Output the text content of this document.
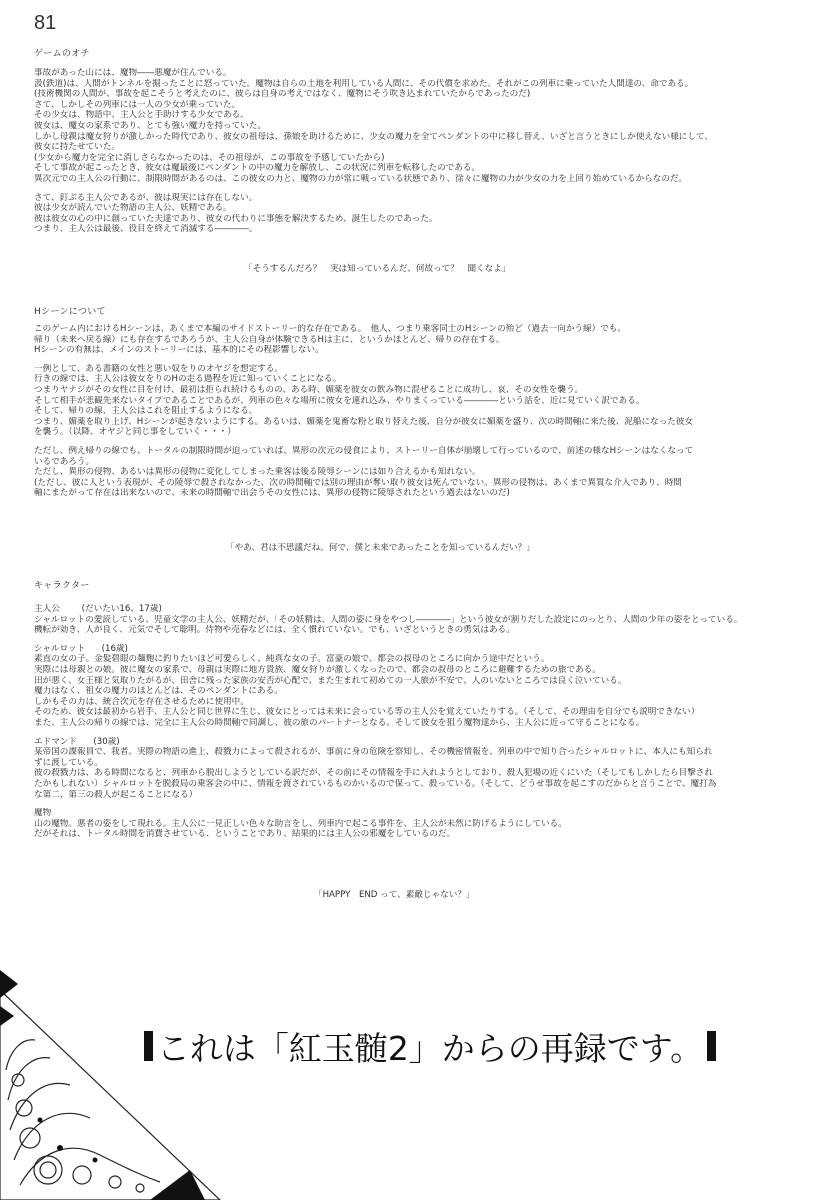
81
ゲームのオチ

事故があった山には、魔物――悪魔が住んでいる。

汲(鉄道)は、人間がトンネルを掘ったことに怒っていた。魔物は自らの土地を利用している人間に、その代償を求めた。それがこの列車に乗っていた人間達の、命である。

(技術機関の人間が、事故を起こそうと考えたのに、彼らは自身の考えではなく、魔物にそう吹き込まれていたからであったのだ)

さて、しかしその列車には一人の少女が乗っていた。

その少女は、物語中、主人公と手助けする少女である。

彼女は、魔女の家系であり、とても強い魔力を持っていた。

しかし母親は魔女狩りが激しかった時代であり、彼女の祖母は、孫娘を助けるために、少女の魔力を全てペンダントの中に移し替え、いざと言うときにしか使えない様にして、

彼女に持たせていた。

(少女から魔力を完全に消しさらなかったのは、その祖母が、この事故を予感していたから)

そして事故が起こったとき、彼女は魔最後にペンダントの中の魔力を解放し、この状況に列車を転移したのである。

異次元での主人公の行動に、制限時間があるのは、この彼女の力と、魔物の力が常に戦っている状態であり、徐々に魔物の力が少女の力を上回り始めているからなのだ。

さて、釘ぶる主人公であるが、彼は現実には存在しない。

彼は少女が読んでいた物語の主人公、妖精である。

彼は彼女の心の中に創っていた夫達であり、彼女の代わりに事態を解決するため、誕生したのであった。

つまり、主人公は最後、役目を終えて消滅する――――。

「そうするんだろ？　実は知っているんだ、何故って？　聞くなよ」
Hシーンについて

このゲーム内におけるHシーンは、あくまで本編のサイドストーリー的な存在である。　他人、つまり乗客同士のHシーンの殆ど（過去一向かう線）でも、

帰り（未来へ戻る線）にも存在するであろうが、主人公自身が体験できるHは主に、というかほとんど、帰りの存在する。

Hシーンの有無は、メインのストーリーには、基本的にその程影響しない。

一例として、ある書籍の女性と悪い奴をりのオヤジを想定する。

行きの線では、主人公は彼女をりのHの走る過程を近に知っていくことになる。

つまりヤナジがその女性に目を付け、最初は拒られ続けるものの、ある時、媚薬を彼女の飲み物に混ぜることに成功し、哀、その女性を襲う。

そして相手が悲観先来ないタイプであることであるが、列車の色々な場所に彼女を連れ込み、やりまくっている――――という話を、近に見ていく訳である。

そして、帰りの線、主人公はこれを阻止するようになる。

つまり、媚薬を取り上げ、Hシーンが起きないようにする。あるいは、媚薬を鬼畜な粉と取り替えた後、自分が彼女に媚薬を盛り、次の時間軸に来た後、泥船になった彼女

を襲う。（以降、オヤジと同じ事をしていく・・・）

ただし、例え帰りの線でも、トータルの制限時間が迫っていれば、異形の次元の侵食により、ストーリー自体が崩壊して行っているので、前述の様なHシーンはなくなって

いるであろう。

ただし、異形の侵物、あるいは異形の侵物に変化してしまった乗客は後る陵辱シーンには如り合えるかも知れない。

(ただし、彼に人という表現が、その陵辱で殺されなかった、次の時間軸では別の理由が奪い取り彼女は死んでいない。異形の侵物は、あくまで異質な介入であり、時間

軸にまたがって存在は出来ないので、未来の時間軸で出会うその女性には、異形の侵物に陵辱されたという過去はないのだ)

「やあ、君は不思議だね。何で、僕と未来であったことを知っているんだい？」
キャラクター

主人公	(だいたい16、17歳)

シャルロットの愛読している、児童文学の主人公、妖精だが、「その妖精は、人間の姿に身をやつし――――」という彼女が割りだした設定にのっとり、人間の少年の姿をとっている。

機転が効き、人が良く、元気でそして聡明。侍物や売春などには、全く慣れていない。でも、いざというときの勇気はある。

シャルロット (16歳)

素直の女の子。金髪碧眼の麺麭に釣りたいほど可愛らしく、純真な女の子。富豪の娘で、都会の叔母のところに向かう途中だという。

実際には母親との娘。彼に魔女の家系で、母親は実際に地方貴族、魔女狩りが激しくなったので、都会の叔母のところに避難するための旅である。

田が悪く、女王様と気取りたがるが、田舎に残った家族の安否が心配で、また生まれて初めての一人旅が不安で、人のいないところでは良く泣いている。

魔力はなく、祖女の魔力のほとんどは、そのペンダントにある。

しかもその力は、統合次元を存在させるために使用中。

そのため、彼女は最初から岩手、主人公と同じ世界に生じ、彼女にとっては未来に会っている等の主人公を覚えていたりする。（そして、その理由を自分でも説明できない）

また、主人公の帰りの線では、完全に主人公の時間軸で同調し、彼の旅のパートナーとなる。そして彼女を狙う魔物達から、主人公に近って守ることになる。

エドマンド (30歳)

某帝国の諜報員で、我者。実際の物語の進上、殺戮力によって殺されるが、事前に身の危険を察知し、その機密情報を、列車の中で知り合ったシャルロットに、本人にも知られ

ずに渡している。

彼の殺戮力は、ある時間になると、列車から脱出しようとしている訳だが、その前にその情報を手に入れようとしており、殺人犯場の近くにいた（そしてもしかしたら目撃され

たかもしれない）シャルロットを脱殺局の乗客会の中に、情報を渡されているものかいるので保って、殺っている。（そして、どうせ事故を起こすのだからと言うことで、魔打為

な第二、第三の殺人が起こることになる）

魔物

山の魔物。悪者の姿をして現れる。主人公に一見正しい色々な助言をし、列車内で起こる事件を、主人公が未然に防げるようにしている。

だがそれは、トータル時間を消費させている、ということであり、結果的には主人公の邪魔をしているのだ。

「HAPPY　END って、素敵じゃない？」
これは「紅玉髄2」からの再録です。
